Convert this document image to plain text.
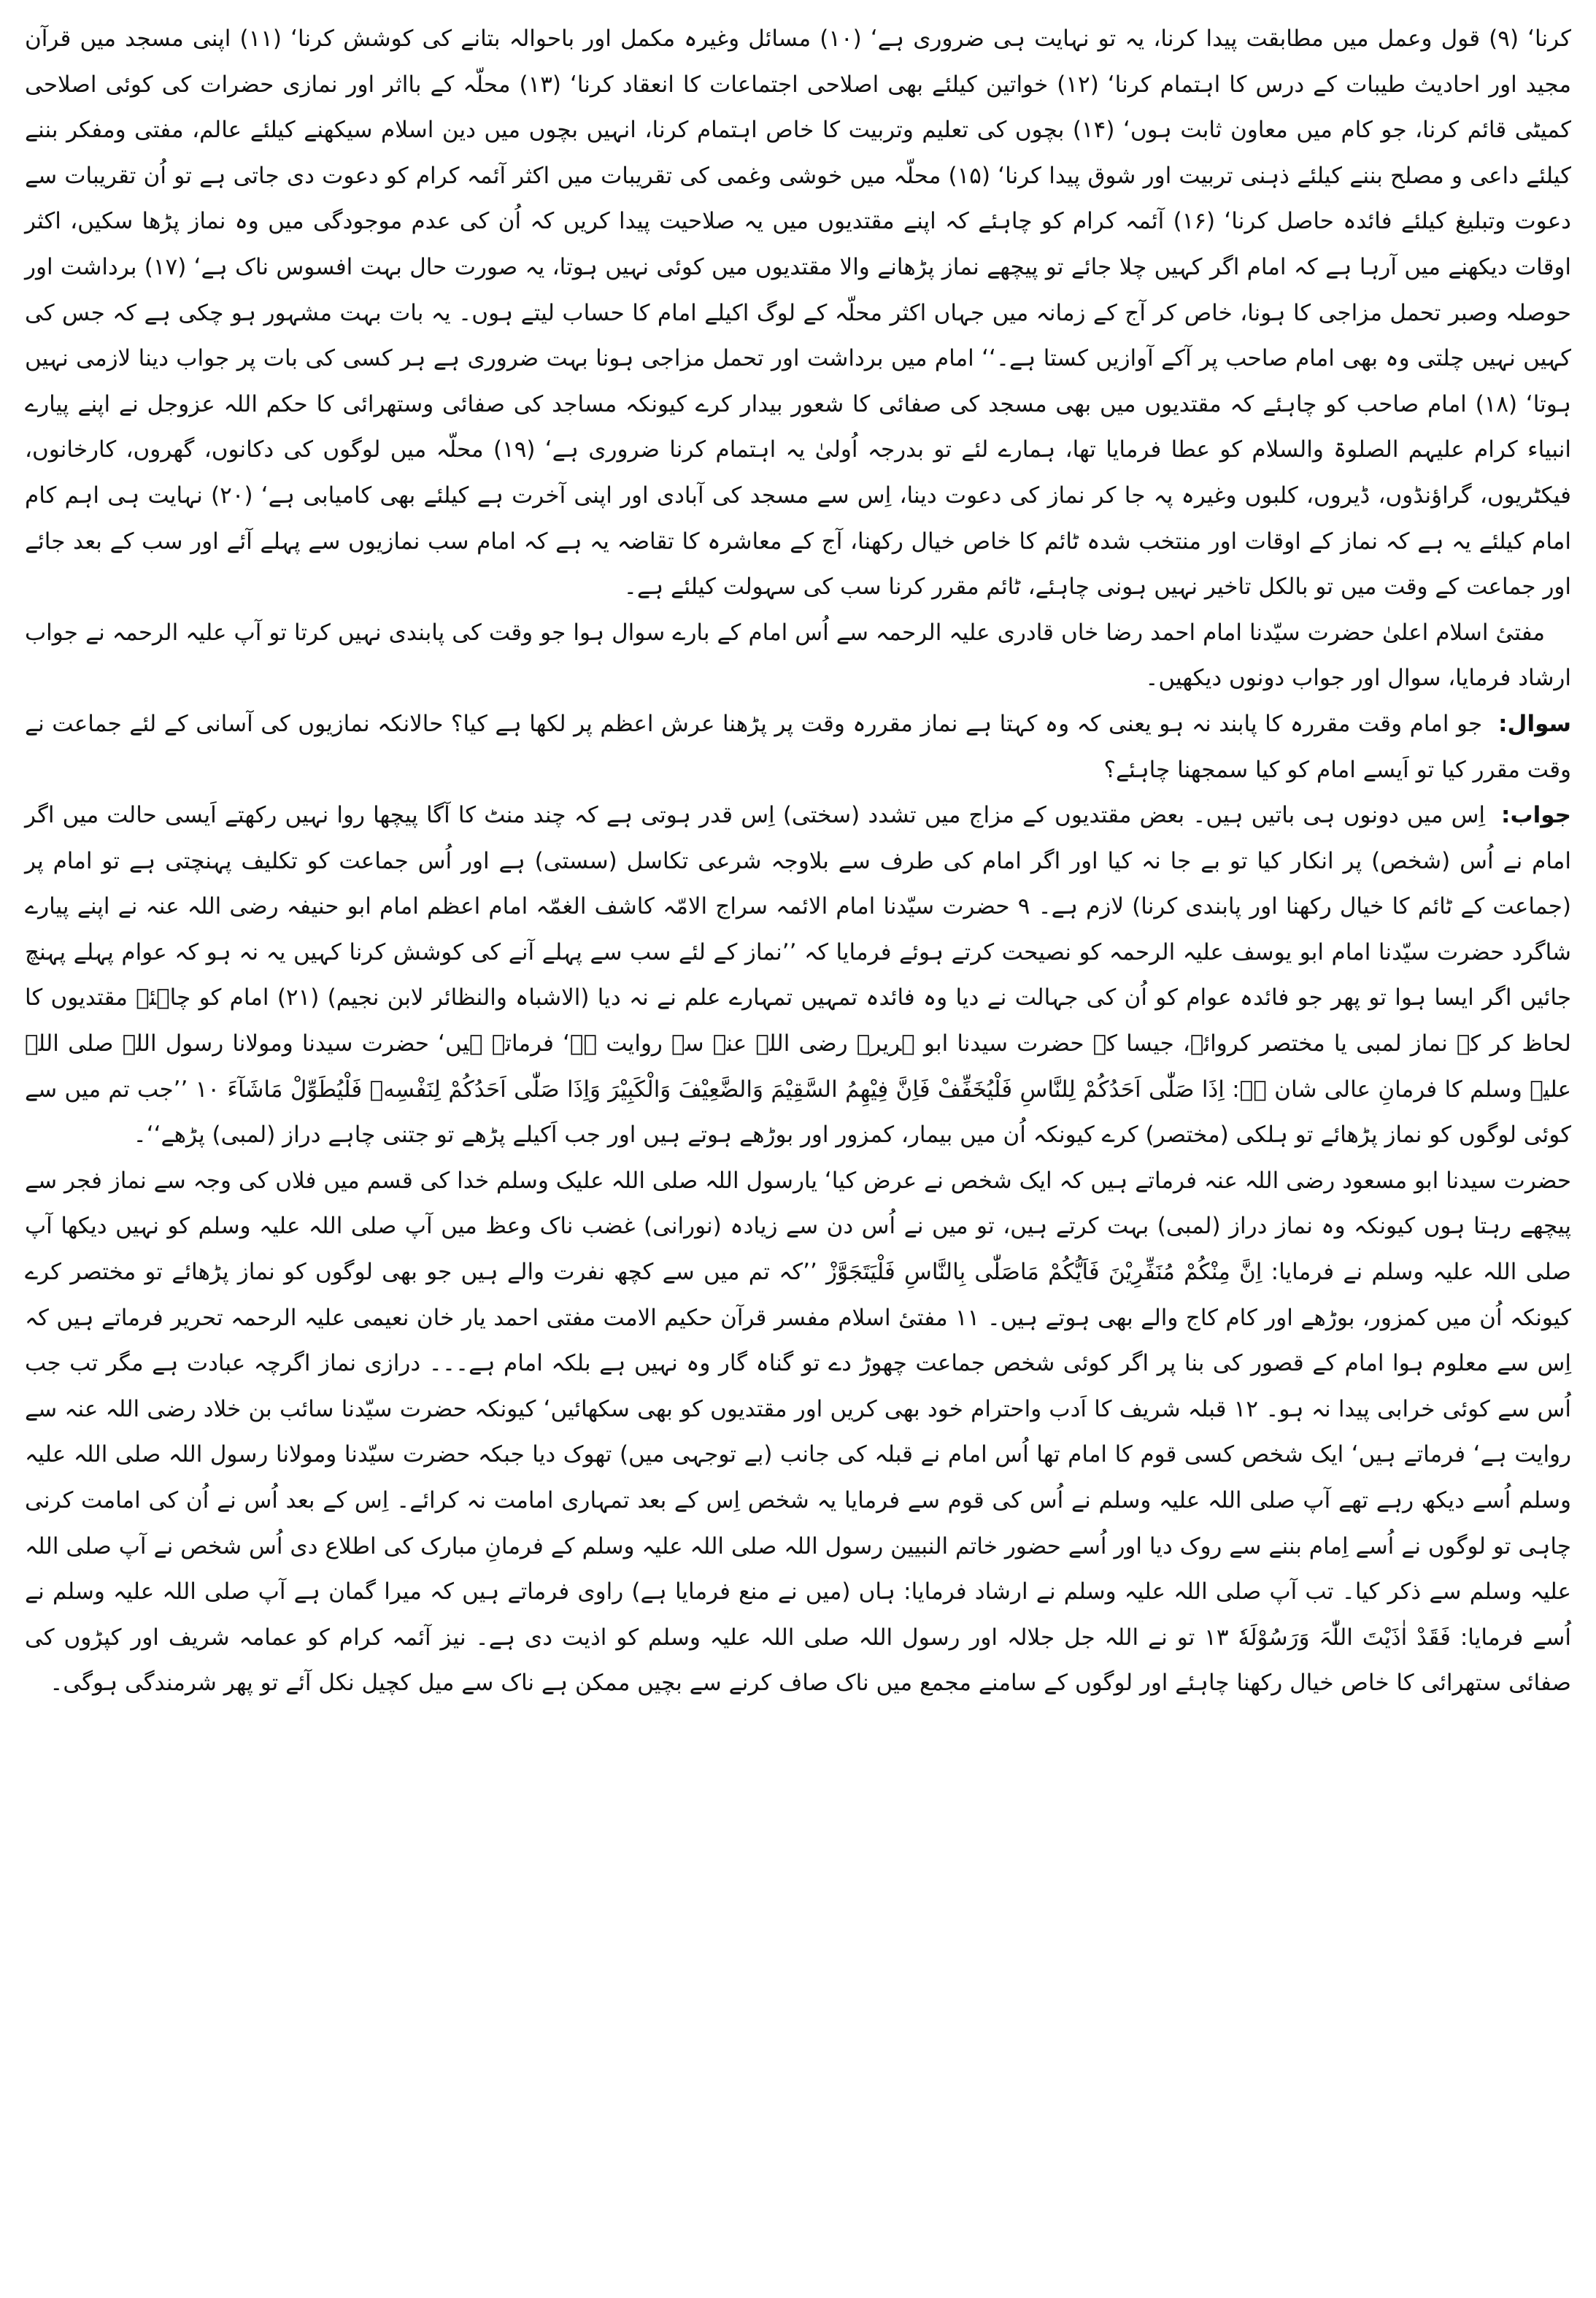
کرنا‘ (۹) قول وعمل میں مطابقت پیدا کرنا، یہ تو نہایت ہی ضروری ہے‘ (۱۰) مسائل وغیرہ مکمل اور باحوالہ بتانے کی کوشش کرنا‘ (۱۱) اپنی مسجد میں قرآن مجید اور احادیث طیبات کے درس کا اہتمام کرنا‘ (۱۲) خواتین کیلئے بھی اصلاحی اجتماعات کا انعقاد کرنا‘ (۱۳) محلّہ کے بااثر اور نمازی حضرات کی کوئی اصلاحی کمیٹی قائم کرنا، جو کام میں معاون ثابت ہوں‘ (۱۴) بچوں کی تعلیم وتربیت کا خاص اہتمام کرنا، انہیں بچوں میں دین اسلام سیکھنے کیلئے عالم، مفتی ومفکر بننے کیلئے داعی و مصلح بننے کیلئے ذہنی تربیت اور شوق پیدا کرنا‘ (۱۵) محلّہ میں خوشی وغمی کی تقریبات میں اکثر آئمہ کرام کو دعوت دی جاتی ہے تو اُن تقریبات سے دعوت وتبلیغ کیلئے فائدہ حاصل کرنا‘ (۱۶) آئمہ کرام کو چاہئے کہ اپنے مقتدیوں میں یہ صلاحیت پیدا کریں کہ اُن کی عدم موجودگی میں وہ نماز پڑھا سکیں، اکثر اوقات دیکھنے میں آرہا ہے کہ امام اگر کہیں چلا جائے تو پیچھے نماز پڑھانے والا مقتدیوں میں کوئی نہیں ہوتا، یہ صورت حال بہت افسوس ناک ہے‘ (۱۷) برداشت اور حوصلہ وصبر تحمل مزاجی کا ہونا، خاص کر آج کے زمانہ میں جہاں اکثر محلّہ کے لوگ اکیلے امام کا حساب لیتے ہوں۔ یہ بات بہت مشہور ہو چکی ہے کہ جس کی کہیں نہیں چلتی وہ بھی امام صاحب پر آکے آوازیں کستا ہے۔‘‘ امام میں برداشت اور تحمل مزاجی ہونا بہت ضروری ہے ہر کسی کی بات پر جواب دینا لازمی نہیں ہوتا‘ (۱۸) امام صاحب کو چاہئے کہ مقتدیوں میں بھی مسجد کی صفائی کا شعور بیدار کرے کیونکہ مساجد کی صفائی وستھرائی کا حکم اللہ عزوجل نے اپنے پیارے انبیاء کرام علیہم الصلوۃ والسلام کو عطا فرمایا تھا، ہمارے لئے تو بدرجہ اُولیٰ یہ اہتمام کرنا ضروری ہے‘ (۱۹) محلّہ میں لوگوں کی دکانوں، گھروں، کارخانوں، فیکٹریوں، گراؤنڈوں، ڈیروں، کلبوں وغیرہ پہ جا کر نماز کی دعوت دینا، اِس سے مسجد کی آبادی اور اپنی آخرت ہے کیلئے بھی کامیابی ہے‘ (۲۰) نہایت ہی اہم کام امام کیلئے یہ ہے کہ نماز کے اوقات اور منتخب شدہ ٹائم کا خاص خیال رکھنا، آج کے معاشرہ کا تقاضہ یہ ہے کہ امام سب نمازیوں سے پہلے آئے اور سب کے بعد جائے اور جماعت کے وقت میں تو بالکل تاخیر نہیں ہونی چاہئے، ٹائم مقرر کرنا سب کی سہولت کیلئے ہے۔

مفتیٔ اسلام اعلیٰ حضرت سیّدنا امام احمد رضا خاں قادری علیہ الرحمہ سے اُس امام کے بارے سوال ہوا جو وقت کی پابندی نہیں کرتا تو آپ علیہ الرحمہ نے جواب ارشاد فرمایا، سوال اور جواب دونوں دیکھیں۔

سوال:جو امام وقت مقررہ کا پابند نہ ہو یعنی کہ وہ کہتا ہے نماز مقررہ وقت پر پڑھنا عرش اعظم پر لکھا ہے کیا؟ حالانکہ نمازیوں کی آسانی کے لئے جماعت نے وقت مقرر کیا تو اَیسے امام کو کیا سمجھنا چاہئے؟

جواب:اِس میں دونوں ہی باتیں ہیں۔ بعض مقتدیوں کے مزاج میں تشدد (سختی) اِس قدر ہوتی ہے کہ چند منٹ کا آگا پیچھا روا نہیں رکھتے اَیسی حالت میں اگر امام نے اُس (شخص) پر انکار کیا تو بے جا نہ کیا اور اگر امام کی طرف سے بلاوجہ شرعی تکاسل (سستی) ہے اور اُس جماعت کو تکلیف پہنچتی ہے تو امام پر (جماعت کے ٹائم کا خیال رکھنا اور پابندی کرنا) لازم ہے۔ ۹ حضرت سیّدنا امام الائمہ سراج الامّہ کاشف الغمّہ امام اعظم امام ابو حنیفہ رضی اللہ عنہ نے اپنے پیارے شاگرد حضرت سیّدنا امام ابو یوسف علیہ الرحمہ کو نصیحت کرتے ہوئے فرمایا کہ ’’نماز کے لئے سب سے پہلے آنے کی کوشش کرنا کہیں یہ نہ ہو کہ عوام پہلے پہنچ جائیں اگر ایسا ہوا تو پھر جو فائدہ عوام کو اُن کی جہالت نے دیا وہ فائدہ تمہیں تمہارے علم نے نہ دیا (الاشباہ والنظائر لابن نجیم) (۲۱) امام کو چاہئے مقتدیوں کا لحاظ کر کے نماز لمبی یا مختصر کروائے، جیسا کہ حضرت سیدنا ابو ہریرہ رضی اللہ عنہ سے روایت ہے‘ فرماتے ہیں‘ حضرت سیدنا ومولانا رسول اللہ صلی اللہ علیہ وسلم کا فرمانِ عالی شان ہے: اِذَا صَلّٰی اَحَدُکُمْ لِلنَّاسِ فَلْیُخَفِّفْ فَاِنَّ فِیْهِمُ السَّقِیْمَ وَالضَّعِیْفَ وَالْکَبِیْرَ وَاِذَا صَلّٰی اَحَدُکُمْ لِنَفْسِهٖ فَلْیُطَوِّلْ مَاشَآءَ ۱۰ ’’جب تم میں سے کوئی لوگوں کو نماز پڑھائے تو ہلکی (مختصر) کرے کیونکہ اُن میں بیمار، کمزور اور بوڑھے ہوتے ہیں اور جب اَکیلے پڑھے تو جتنی چاہے دراز (لمبی) پڑھے‘‘۔

حضرت سیدنا ابو مسعود رضی اللہ عنہ فرماتے ہیں کہ ایک شخص نے عرض کیا‘ یارسول اللہ صلی اللہ علیک وسلم خدا کی قسم میں فلاں کی وجہ سے نماز فجر سے پیچھے رہتا ہوں کیونکہ وہ نماز دراز (لمبی) بہت کرتے ہیں، تو میں نے اُس دن سے زیادہ (نورانی) غضب ناک وعظ میں آپ صلی اللہ علیہ وسلم کو نہیں دیکھا آپ صلی اللہ علیہ وسلم نے فرمایا: اِنَّ مِنْکُمْ مُنَفِّرِیْنَ فَاَیُّکُمْ مَاصَلّٰی بِالنَّاسِ فَلْیَتَجَوَّزْ ’’کہ تم میں سے کچھ نفرت والے ہیں جو بھی لوگوں کو نماز پڑھائے تو مختصر کرے کیونکہ اُن میں کمزور، بوڑھے اور کام کاج والے بھی ہوتے ہیں۔ ۱۱ مفتیٔ اسلام مفسر قرآن حکیم الامت مفتی احمد یار خان نعیمی علیہ الرحمہ تحریر فرماتے ہیں کہ اِس سے معلوم ہوا امام کے قصور کی بنا پر اگر کوئی شخص جماعت چھوڑ دے تو گناہ گار وہ نہیں ہے بلکہ امام ہے۔۔۔ درازی نماز اگرچہ عبادت ہے مگر تب جب اُس سے کوئی خرابی پیدا نہ ہو۔ ۱۲ قبلہ شریف کا اَدب واحترام خود بھی کریں اور مقتدیوں کو بھی سکھائیں‘ کیونکہ حضرت سیّدنا سائب بن خلاد رضی اللہ عنہ سے روایت ہے‘ فرماتے ہیں‘ ایک شخص کسی قوم کا امام تھا اُس امام نے قبلہ کی جانب (بے توجہی میں) تھوک دیا جبکہ حضرت سیّدنا ومولانا رسول اللہ صلی اللہ علیہ وسلم اُسے دیکھ رہے تھے آپ صلی اللہ علیہ وسلم نے اُس کی قوم سے فرمایا یہ شخص اِس کے بعد تمہاری امامت نہ کرائے۔ اِس کے بعد اُس نے اُن کی امامت کرنی چاہی تو لوگوں نے اُسے اِمام بننے سے روک دیا اور اُسے حضور خاتم النبیین رسول اللہ صلی اللہ علیہ وسلم کے فرمانِ مبارک کی اطلاع دی اُس شخص نے آپ صلی اللہ علیہ وسلم سے ذکر کیا۔ تب آپ صلی اللہ علیہ وسلم نے ارشاد فرمایا: ہاں (میں نے منع فرمایا ہے) راوی فرماتے ہیں کہ میرا گمان ہے آپ صلی اللہ علیہ وسلم نے اُسے فرمایا: فَقَدْ اٰذَیْتَ اللّٰہَ وَرَسُوْلَهٗ ۱۳ تو نے اللہ جل جلالہ اور رسول اللہ صلی اللہ علیہ وسلم کو اذیت دی ہے۔ نیز آئمہ کرام کو عمامہ شریف اور کپڑوں کی صفائی ستھرائی کا خاص خیال رکھنا چاہئے اور لوگوں کے سامنے مجمع میں ناک صاف کرنے سے بچیں ممکن ہے ناک سے میل کچیل نکل آئے تو پھر شرمندگی ہوگی۔
